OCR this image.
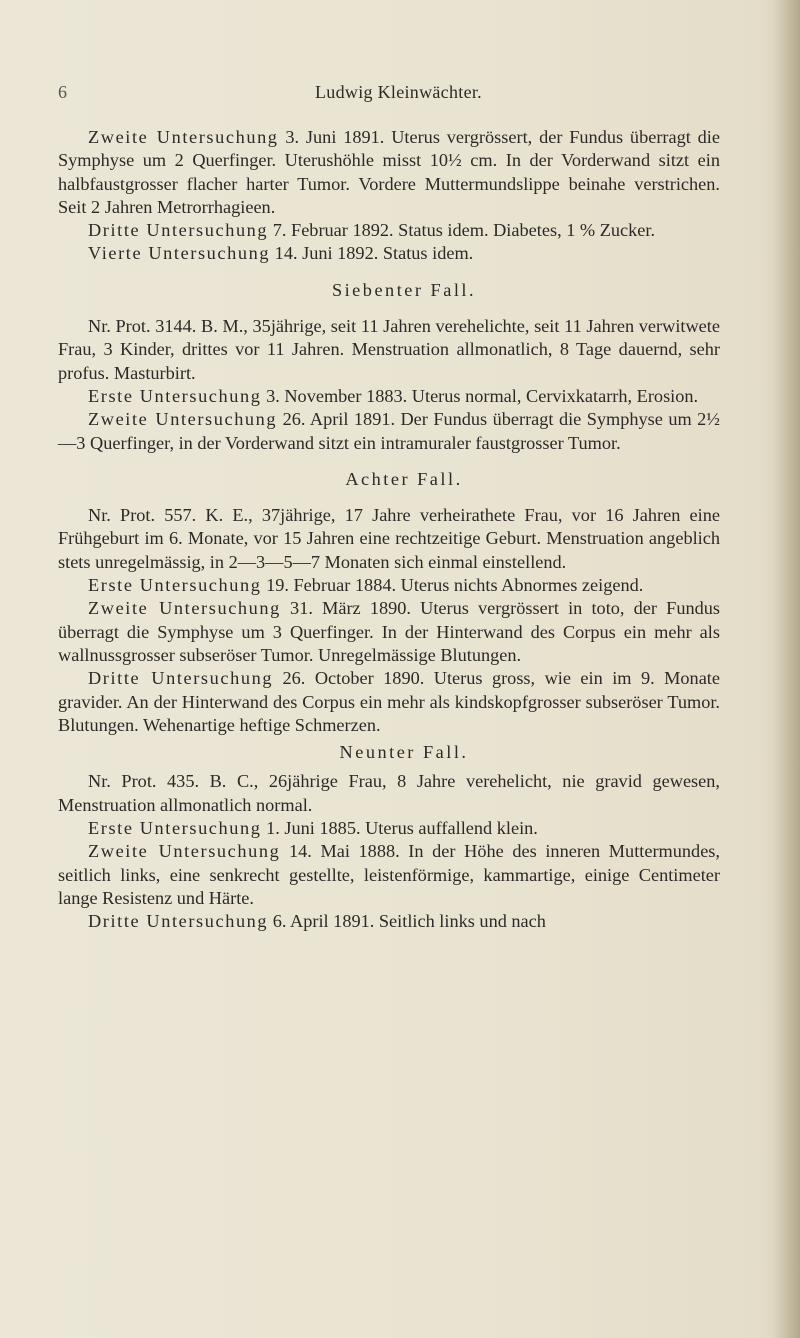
6	Ludwig Kleinwächter.

Zweite Untersuchung 3. Juni 1891. Uterus vergrössert, der Fundus überragt die Symphyse um 2 Querfinger. Uterushöhle misst 10½ cm. In der Vorderwand sitzt ein halbfaustgrosser flacher harter Tumor. Vordere Muttermundslippe beinahe verstrichen. Seit 2 Jahren Metrorrhagieen.

Dritte Untersuchung 7. Februar 1892. Status idem. Diabetes, 1 % Zucker.

Vierte Untersuchung 14. Juni 1892. Status idem.

Siebenter Fall.

Nr. Prot. 3144. B. M., 35jährige, seit 11 Jahren verehelichte, seit 11 Jahren verwitwete Frau, 3 Kinder, drittes vor 11 Jahren. Menstruation allmonatlich, 8 Tage dauernd, sehr profus. Masturbirt.

Erste Untersuchung 3. November 1883. Uterus normal, Cervixkatarrh, Erosion.

Zweite Untersuchung 26. April 1891. Der Fundus überragt die Symphyse um 2½—3 Querfinger, in der Vorderwand sitzt ein intramuraler faustgrosser Tumor.

Achter Fall.

Nr. Prot. 557. K. E., 37jährige, 17 Jahre verheirathete Frau, vor 16 Jahren eine Frühgeburt im 6. Monate, vor 15 Jahren eine rechtzeitige Geburt. Menstruation angeblich stets unregelmässig, in 2—3—5—7 Monaten sich einmal einstellend.

Erste Untersuchung 19. Februar 1884. Uterus nichts Abnormes zeigend.

Zweite Untersuchung 31. März 1890. Uterus vergrössert in toto, der Fundus überragt die Symphyse um 3 Querfinger. In der Hinterwand des Corpus ein mehr als wallnussgrosser subseröser Tumor. Unregelmässige Blutungen.

Dritte Untersuchung 26. October 1890. Uterus gross, wie ein im 9. Monate gravider. An der Hinterwand des Corpus ein mehr als kindskopfgrosser subseröser Tumor. Blutungen. Wehenartige heftige Schmerzen.

Neunter Fall.

Nr. Prot. 435. B. C., 26jährige Frau, 8 Jahre verehelicht, nie gravid gewesen, Menstruation allmonatlich normal.

Erste Untersuchung 1. Juni 1885. Uterus auffallend klein.

Zweite Untersuchung 14. Mai 1888. In der Höhe des inneren Muttermundes, seitlich links, eine senkrecht gestellte, leistenförmige, kammartige, einige Centimeter lange Resistenz und Härte.

Dritte Untersuchung 6. April 1891. Seitlich links und nach
